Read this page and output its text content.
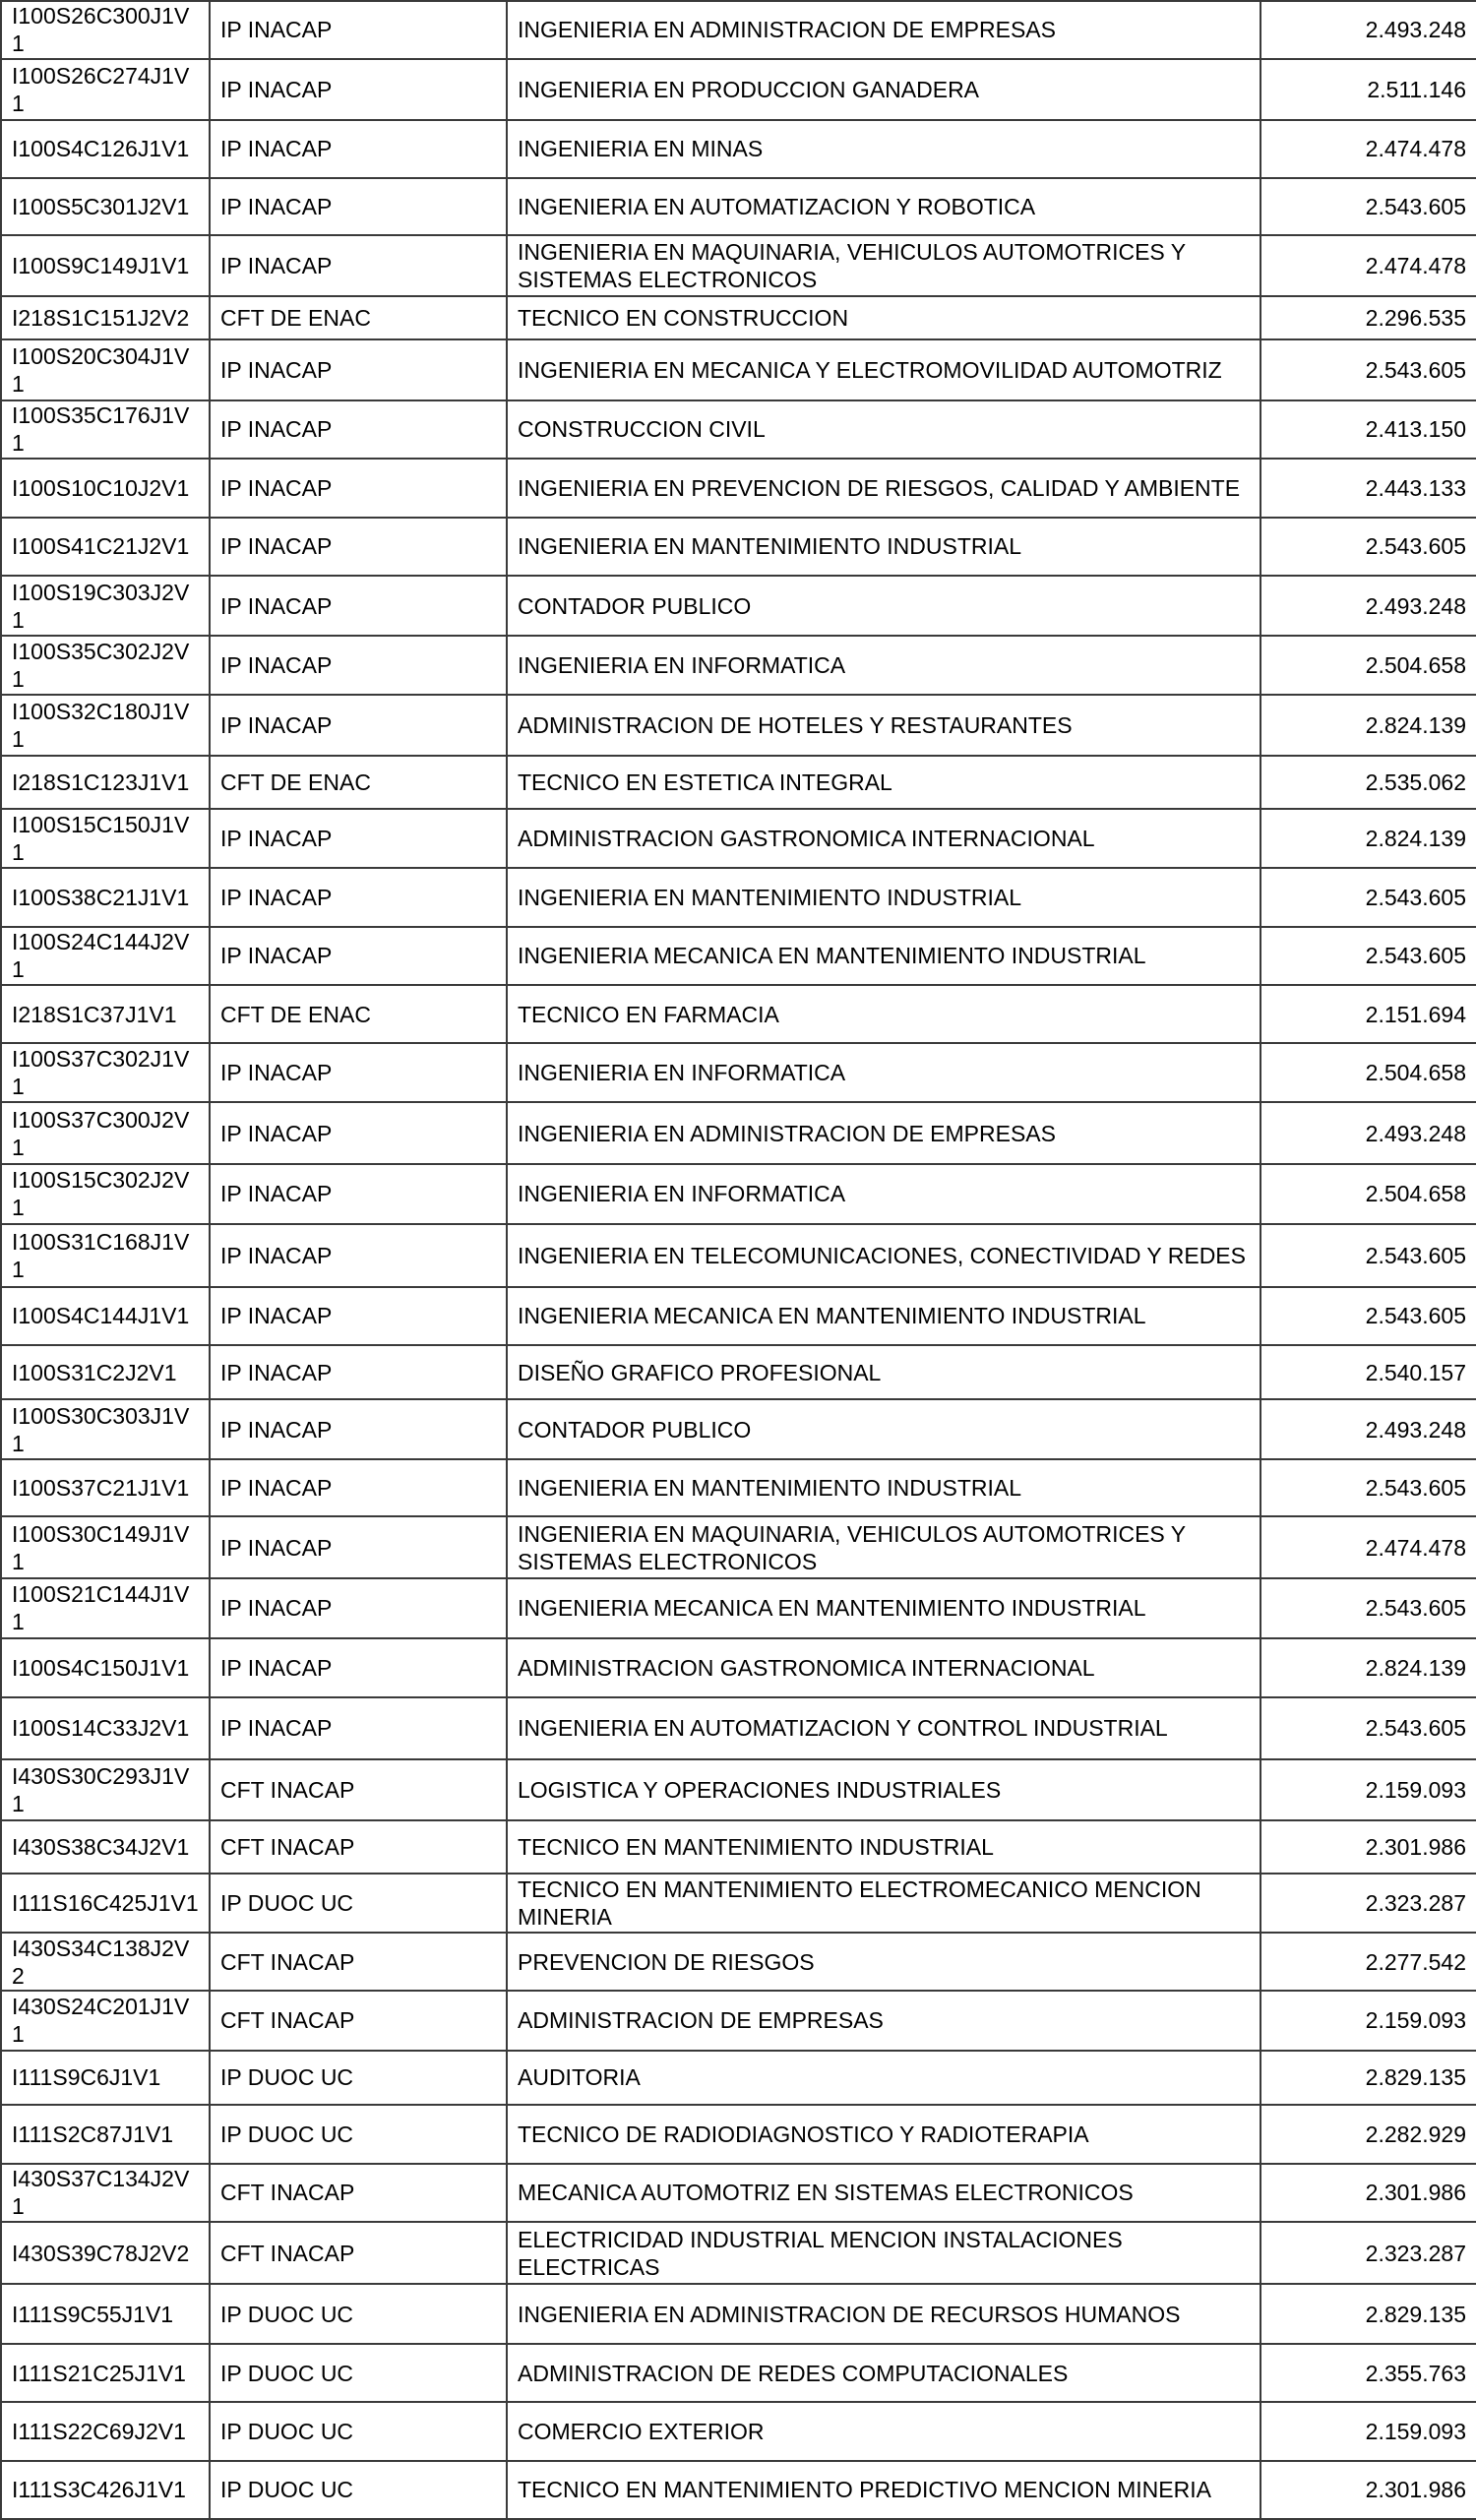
I100S26C300J1V1	IP INACAP	INGENIERIA EN ADMINISTRACION DE EMPRESAS	2.493.248
I100S26C274J1V1	IP INACAP	INGENIERIA EN PRODUCCION GANADERA	2.511.146
I100S4C126J1V1	IP INACAP	INGENIERIA EN MINAS	2.474.478
I100S5C301J2V1	IP INACAP	INGENIERIA EN AUTOMATIZACION Y ROBOTICA	2.543.605
I100S9C149J1V1	IP INACAP	INGENIERIA EN MAQUINARIA, VEHICULOS AUTOMOTRICES Y SISTEMAS ELECTRONICOS	2.474.478
I218S1C151J2V2	CFT DE ENAC	TECNICO EN CONSTRUCCION	2.296.535
I100S20C304J1V1	IP INACAP	INGENIERIA EN MECANICA Y ELECTROMOVILIDAD AUTOMOTRIZ	2.543.605
I100S35C176J1V1	IP INACAP	CONSTRUCCION CIVIL	2.413.150
I100S10C10J2V1	IP INACAP	INGENIERIA EN PREVENCION DE RIESGOS, CALIDAD Y AMBIENTE	2.443.133
I100S41C21J2V1	IP INACAP	INGENIERIA EN MANTENIMIENTO INDUSTRIAL	2.543.605
I100S19C303J2V1	IP INACAP	CONTADOR PUBLICO	2.493.248
I100S35C302J2V1	IP INACAP	INGENIERIA EN INFORMATICA	2.504.658
I100S32C180J1V1	IP INACAP	ADMINISTRACION DE HOTELES Y RESTAURANTES	2.824.139
I218S1C123J1V1	CFT DE ENAC	TECNICO EN ESTETICA INTEGRAL	2.535.062
I100S15C150J1V1	IP INACAP	ADMINISTRACION GASTRONOMICA INTERNACIONAL	2.824.139
I100S38C21J1V1	IP INACAP	INGENIERIA EN MANTENIMIENTO INDUSTRIAL	2.543.605
I100S24C144J2V1	IP INACAP	INGENIERIA MECANICA EN MANTENIMIENTO INDUSTRIAL	2.543.605
I218S1C37J1V1	CFT DE ENAC	TECNICO EN FARMACIA	2.151.694
I100S37C302J1V1	IP INACAP	INGENIERIA EN INFORMATICA	2.504.658
I100S37C300J2V1	IP INACAP	INGENIERIA EN ADMINISTRACION DE EMPRESAS	2.493.248
I100S15C302J2V1	IP INACAP	INGENIERIA EN INFORMATICA	2.504.658
I100S31C168J1V1	IP INACAP	INGENIERIA EN TELECOMUNICACIONES, CONECTIVIDAD Y REDES	2.543.605
I100S4C144J1V1	IP INACAP	INGENIERIA MECANICA EN MANTENIMIENTO INDUSTRIAL	2.543.605
I100S31C2J2V1	IP INACAP	DISEÑO GRAFICO PROFESIONAL	2.540.157
I100S30C303J1V1	IP INACAP	CONTADOR PUBLICO	2.493.248
I100S37C21J1V1	IP INACAP	INGENIERIA EN MANTENIMIENTO INDUSTRIAL	2.543.605
I100S30C149J1V1	IP INACAP	INGENIERIA EN MAQUINARIA, VEHICULOS AUTOMOTRICES Y SISTEMAS ELECTRONICOS	2.474.478
I100S21C144J1V1	IP INACAP	INGENIERIA MECANICA EN MANTENIMIENTO INDUSTRIAL	2.543.605
I100S4C150J1V1	IP INACAP	ADMINISTRACION GASTRONOMICA INTERNACIONAL	2.824.139
I100S14C33J2V1	IP INACAP	INGENIERIA EN AUTOMATIZACION Y CONTROL INDUSTRIAL	2.543.605
I430S30C293J1V1	CFT INACAP	LOGISTICA Y OPERACIONES INDUSTRIALES	2.159.093
I430S38C34J2V1	CFT INACAP	TECNICO EN MANTENIMIENTO INDUSTRIAL	2.301.986
I111S16C425J1V1	IP DUOC UC	TECNICO EN MANTENIMIENTO ELECTROMECANICO MENCION MINERIA	2.323.287
I430S34C138J2V2	CFT INACAP	PREVENCION DE RIESGOS	2.277.542
I430S24C201J1V1	CFT INACAP	ADMINISTRACION DE EMPRESAS	2.159.093
I111S9C6J1V1	IP DUOC UC	AUDITORIA	2.829.135
I111S2C87J1V1	IP DUOC UC	TECNICO DE RADIODIAGNOSTICO Y RADIOTERAPIA	2.282.929
I430S37C134J2V1	CFT INACAP	MECANICA AUTOMOTRIZ EN SISTEMAS ELECTRONICOS	2.301.986
I430S39C78J2V2	CFT INACAP	ELECTRICIDAD INDUSTRIAL MENCION INSTALACIONES ELECTRICAS	2.323.287
I111S9C55J1V1	IP DUOC UC	INGENIERIA EN ADMINISTRACION DE RECURSOS HUMANOS	2.829.135
I111S21C25J1V1	IP DUOC UC	ADMINISTRACION DE REDES COMPUTACIONALES	2.355.763
I111S22C69J2V1	IP DUOC UC	COMERCIO EXTERIOR	2.159.093
I111S3C426J1V1	IP DUOC UC	TECNICO EN MANTENIMIENTO PREDICTIVO MENCION MINERIA	2.301.986
